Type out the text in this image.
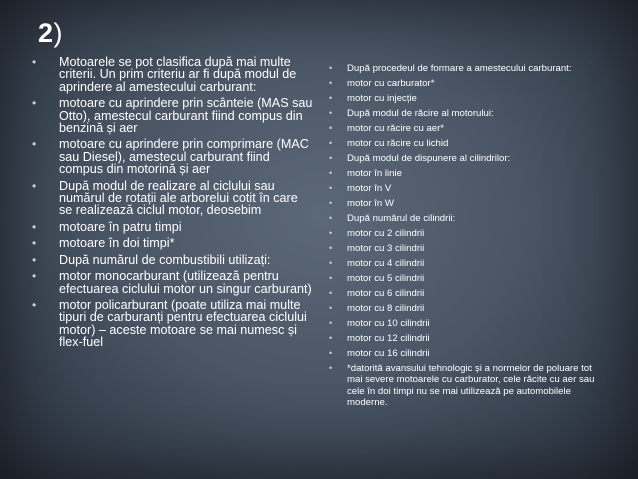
2)
• Motoarele se pot clasifica după mai multe criterii. Un prim criteriu ar fi după modul de aprindere al amestecului carburant:
• motoare cu aprindere prin scânteie (MAS sau Otto), amestecul carburant fiind compus din benzină și aer
• motoare cu aprindere prin comprimare (MAC sau Diesel), amestecul carburant fiind compus din motorină și aer
• După modul de realizare al ciclului sau numărul de rotații ale arborelui cotit în care se realizează ciclul motor, deosebim
• motoare în patru timpi
• motoare în doi timpi*
• După numărul de combustibili utilizați:
• motor monocarburant (utilizează pentru efectuarea ciclului motor un singur carburant)
• motor policarburant (poate utiliza mai multe tipuri de carburanți pentru efectuarea ciclului motor) – aceste motoare se mai numesc și flex-fuel
• După procedeul de formare a amestecului carburant:
• motor cu carburator*
• motor cu injecție
• După modul de răcire al motorului:
• motor cu răcire cu aer*
• motor cu răcire cu lichid
• După modul de dispunere al cilindrilor:
• motor în linie
• motor în V
• motor în W
• După numărul de cilindrii:
• motor cu 2 cilindrii
• motor cu 3 cilindrii
• motor cu 4 cilindrii
• motor cu 5 cilindrii
• motor cu 6 cilindrii
• motor cu 8 cilindrii
• motor cu 10 cilindrii
• motor cu 12 cilindrii
• motor cu 16 cilindrii
• *datorită avansului tehnologic și a normelor de poluare tot mai severe motoarele cu carburator, cele răcite cu aer sau cele în doi timpi nu se mai utilizează pe automobilele moderne.
